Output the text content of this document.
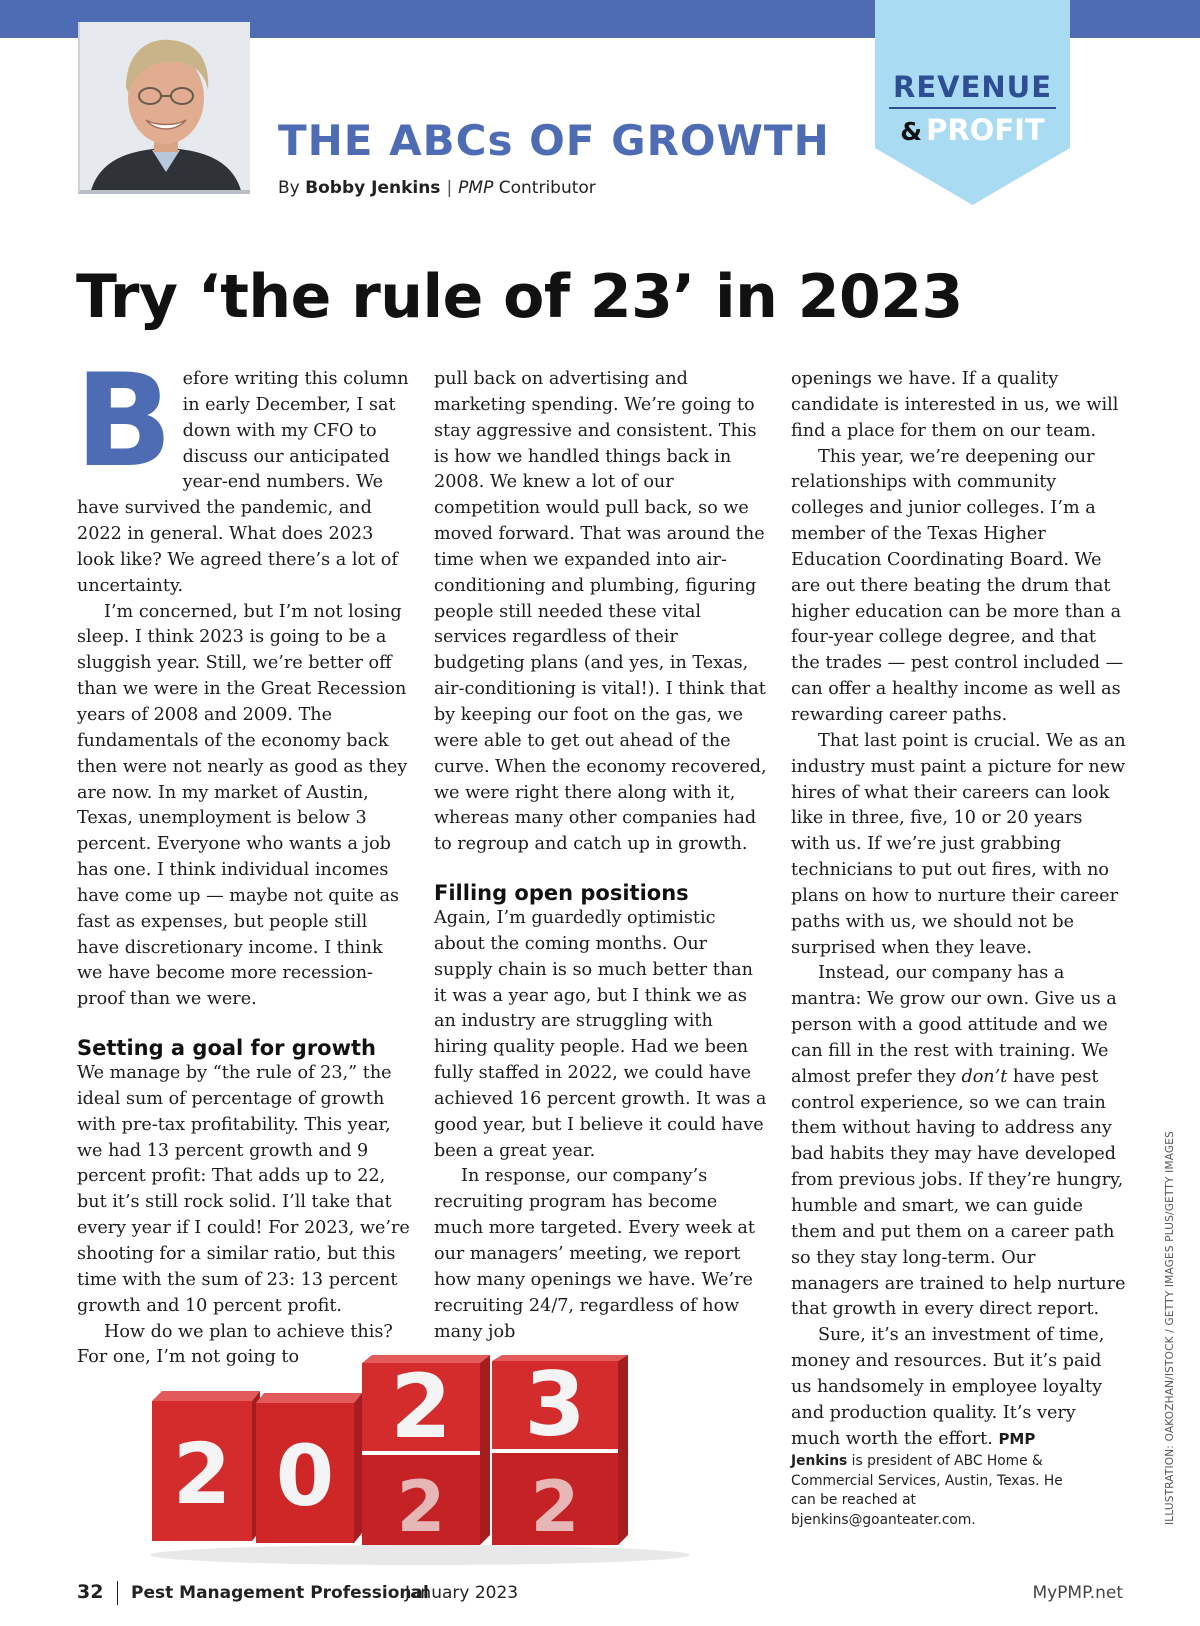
THE ABCs OF GROWTH
By Bobby Jenkins | PMP Contributor
REVENUE
& PROFIT
Try ‘the rule of 23’ in 2023
B efore writing this column in early December, I sat down with my CFO to discuss our anticipated year-end numbers. We have survived the pandemic, and 2022 in general. What does 2023 look like? We agreed there’s a lot of uncertainty.

I’m concerned, but I’m not losing sleep. I think 2023 is going to be a sluggish year. Still, we’re better off than we were in the Great Recession years of 2008 and 2009. The fundamentals of the economy back then were not nearly as good as they are now. In my market of Austin, Texas, unemployment is below 3 percent. Everyone who wants a job has one. I think individual incomes have come up — maybe not quite as fast as expenses, but people still have discretionary income. I think we have become more recession-proof than we were.

Setting a goal for growth

We manage by “the rule of 23,” the ideal sum of percentage of growth with pre-tax profitability. This year, we had 13 percent growth and 9 percent profit: That adds up to 22, but it’s still rock solid. I’ll take that every year if I could! For 2023, we’re shooting for a similar ratio, but this time with the sum of 23: 13 percent growth and 10 percent profit.

How do we plan to achieve this? For one, I’m not going to

pull back on advertising and marketing spending. We’re going to stay aggressive and consistent. This is how we handled things back in 2008. We knew a lot of our competition would pull back, so we moved forward. That was around the time when we expanded into air-conditioning and plumbing, figuring people still needed these vital services regardless of their budgeting plans (and yes, in Texas, air-conditioning is vital!). I think that by keeping our foot on the gas, we were able to get out ahead of the curve. When the economy recovered, we were right there along with it, whereas many other companies had to regroup and catch up in growth.

Filling open positions

Again, I’m guardedly optimistic about the coming months. Our supply chain is so much better than it was a year ago, but I think we as an industry are struggling with hiring quality people. Had we been fully staffed in 2022, we could have achieved 16 percent growth. It was a good year, but I believe it could have been a great year.

In response, our company’s recruiting program has become much more targeted. Every week at our managers’ meeting, we report how many openings we have. We’re recruiting 24/7, regardless of how many job

openings we have. If a quality candidate is interested in us, we will find a place for them on our team.

This year, we’re deepening our relationships with community colleges and junior colleges. I’m a member of the Texas Higher Education Coordinating Board. We are out there beating the drum that higher education can be more than a four-year college degree, and that the trades — pest control included — can offer a healthy income as well as rewarding career paths.

That last point is crucial. We as an industry must paint a picture for new hires of what their careers can look like in three, five, 10 or 20 years with us. If we’re just grabbing technicians to put out fires, with no plans on how to nurture their career paths with us, we should not be surprised when they leave.

Instead, our company has a mantra: We grow our own. Give us a person with a good attitude and we can fill in the rest with training. We almost prefer they don’t have pest control experience, so we can train them without having to address any bad habits they may have developed from previous jobs. If they’re hungry, humble and smart, we can guide them and put them on a career path so they stay long-term. Our managers are trained to help nurture that growth in every direct report.

Sure, it’s an investment of time, money and resources. But it’s paid us handsomely in employee loyalty and production quality. It’s very much worth the effort. PMP

Jenkins is president of ABC Home & Commercial Services, Austin, Texas. He can be reached at bjenkins@goanteater.com.

2 0
2 3
2 2	ILLUSTRATION: OAKOZHAN/ISTOCK / GETTY IMAGES PLUS/GETTY IMAGES
32 Pest Management Professional
January 2023	MyPMP.net
